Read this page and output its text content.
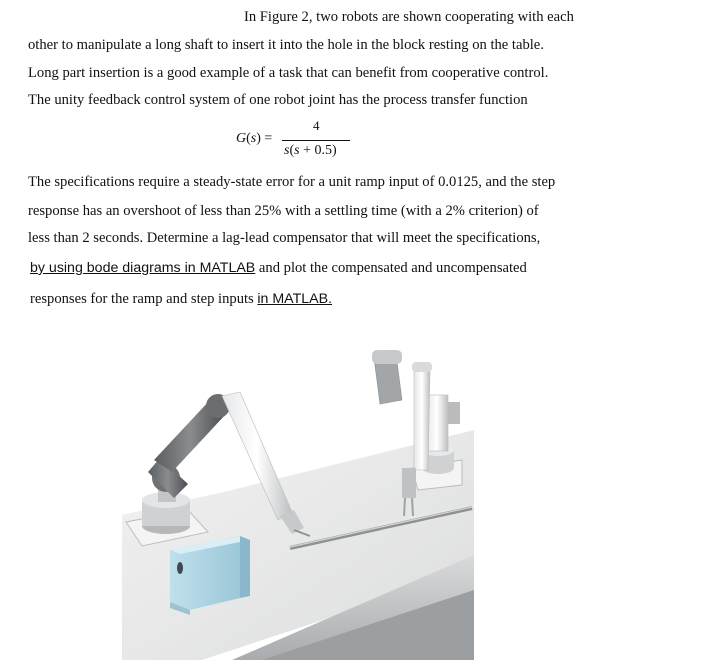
In Figure 2, two robots are shown cooperating with each
other to manipulate a long shaft to insert it into the hole in the block resting on the table.
Long part insertion is a good example of a task that can benefit from cooperative control.
The unity feedback control system of one robot joint has the process transfer function
G(s) =
4
s(s + 0.5)
The specifications require a steady-state error for a unit ramp input of 0.0125, and the step
response has an overshoot of less than 25% with a settling time (with a 2% criterion) of
less than 2 seconds. Determine a lag-lead compensator that will meet the specifications,
by using bode diagrams in MATLAB and plot the compensated and uncompensated
responses for the ramp and step inputs in MATLAB.
